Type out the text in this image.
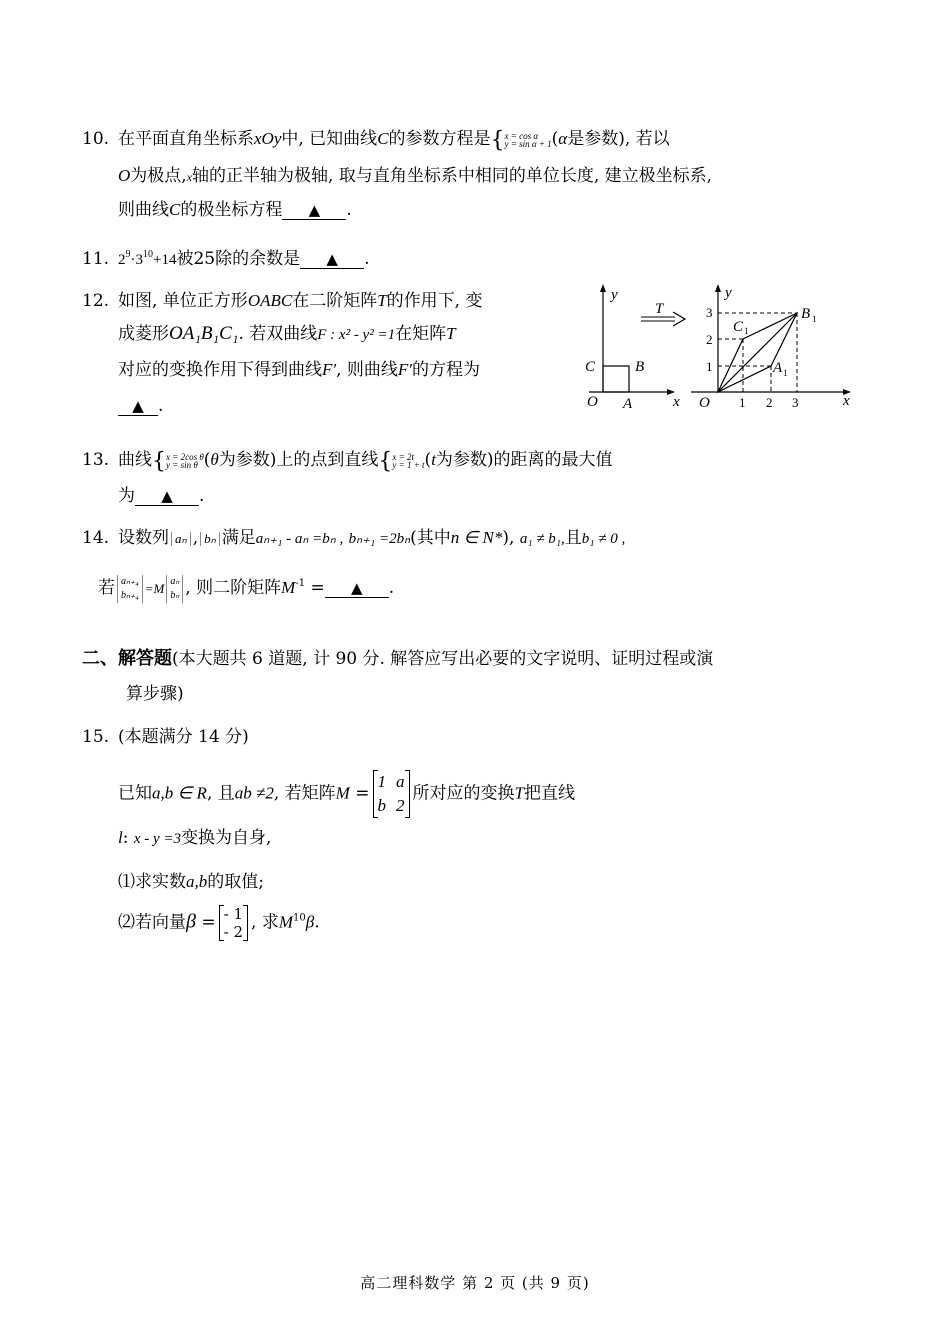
10. 在平面直角坐标系xOy中, 已知曲线C的参数方程是{x = cos α
y = sin α + 1(α是参数), 若以
O为极点,x轴的正半轴为极轴, 取与直角坐标系中相同的单位长度, 建立极坐标系,
则曲线C的极坐标方程 ▲ .
11. $2^9\cdot 3^{10}+14$被25除的余数是 ▲ .
12. 如图, 单位正方形OABC在二阶矩阵T的作用下, 变
成菱形OA₁B₁C₁. 若双曲线F : x² - y² =1在矩阵T
对应的变换作用下得到曲线F′, 则曲线F′的方程为
▲ .
y
x
O A
B
C
T
1 2 3
1
2
3
y
x
O
C 1
B 1
A 1
13. 曲线{x = 2cos θ
y = sin θ (θ为参数)上的点到直线{x = 2t
y = 1 + t(t为参数)的距离的最大值
为 ▲ .
14. 设数列 aₙ , bₙ 满足aₙ₊₁ - aₙ =bₙ , bₙ₊₁ =2bₙ(其中n ∈ N*), a₁ ≠ b₁,且b₁ ≠ 0 ,
若 aₙ₊₄
bₙ₊₄ =M aₙ
bₙ , 则二阶矩阵$M^{-1}$ = ▲ .
二、解答题(本大题共 6 道题, 计 90 分. 解答应写出必要的文字说明、证明过程或演
算步骤)
15. (本题满分 14 分)
已知a,b ∈ R, 且ab ≠2, 若矩阵M =
1 a
b 2
所对应的变换T把直线
l: x - y =3变换为自身,
⑴求实数a,b的取值;
⑵若向量β = - 1
- 2 , 求$M^{10}\beta$.
高二理科数学 第 2 页 (共 9 页)
